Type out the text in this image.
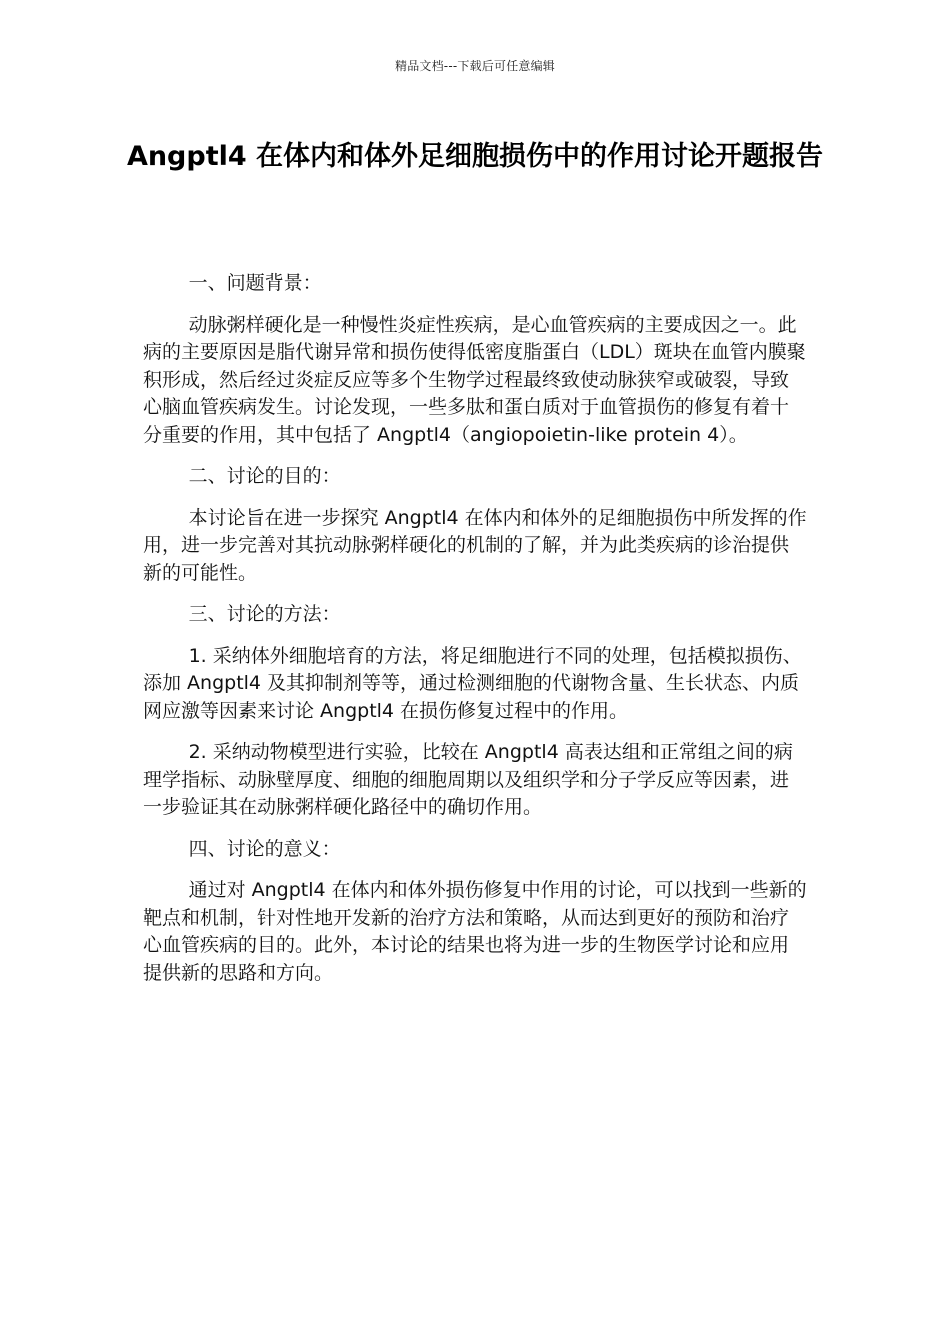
精品文档---下载后可任意编辑
Angptl4 在体内和体外足细胞损伤中的作用讨论开题报告

一、问题背景：

动脉粥样硬化是一种慢性炎症性疾病，是心血管疾病的主要成因之一。此病的主要原因是脂代谢异常和损伤使得低密度脂蛋白（LDL）斑块在血管内膜聚积形成，然后经过炎症反应等多个生物学过程最终致使动脉狭窄或破裂，导致心脑血管疾病发生。讨论发现，一些多肽和蛋白质对于血管损伤的修复有着十分重要的作用，其中包括了 Angptl4（angiopoietin-like protein 4）。

二、讨论的目的：

本讨论旨在进一步探究 Angptl4 在体内和体外的足细胞损伤中所发挥的作用，进一步完善对其抗动脉粥样硬化的机制的了解，并为此类疾病的诊治提供新的可能性。

三、讨论的方法：

1. 采纳体外细胞培育的方法，将足细胞进行不同的处理，包括模拟损伤、添加 Angptl4 及其抑制剂等等，通过检测细胞的代谢物含量、生长状态、内质网应激等因素来讨论 Angptl4 在损伤修复过程中的作用。

2. 采纳动物模型进行实验，比较在 Angptl4 高表达组和正常组之间的病理学指标、动脉壁厚度、细胞的细胞周期以及组织学和分子学反应等因素，进一步验证其在动脉粥样硬化路径中的确切作用。

四、讨论的意义：

通过对 Angptl4 在体内和体外损伤修复中作用的讨论，可以找到一些新的靶点和机制，针对性地开发新的治疗方法和策略，从而达到更好的预防和治疗心血管疾病的目的。此外，本讨论的结果也将为进一步的生物医学讨论和应用提供新的思路和方向。
